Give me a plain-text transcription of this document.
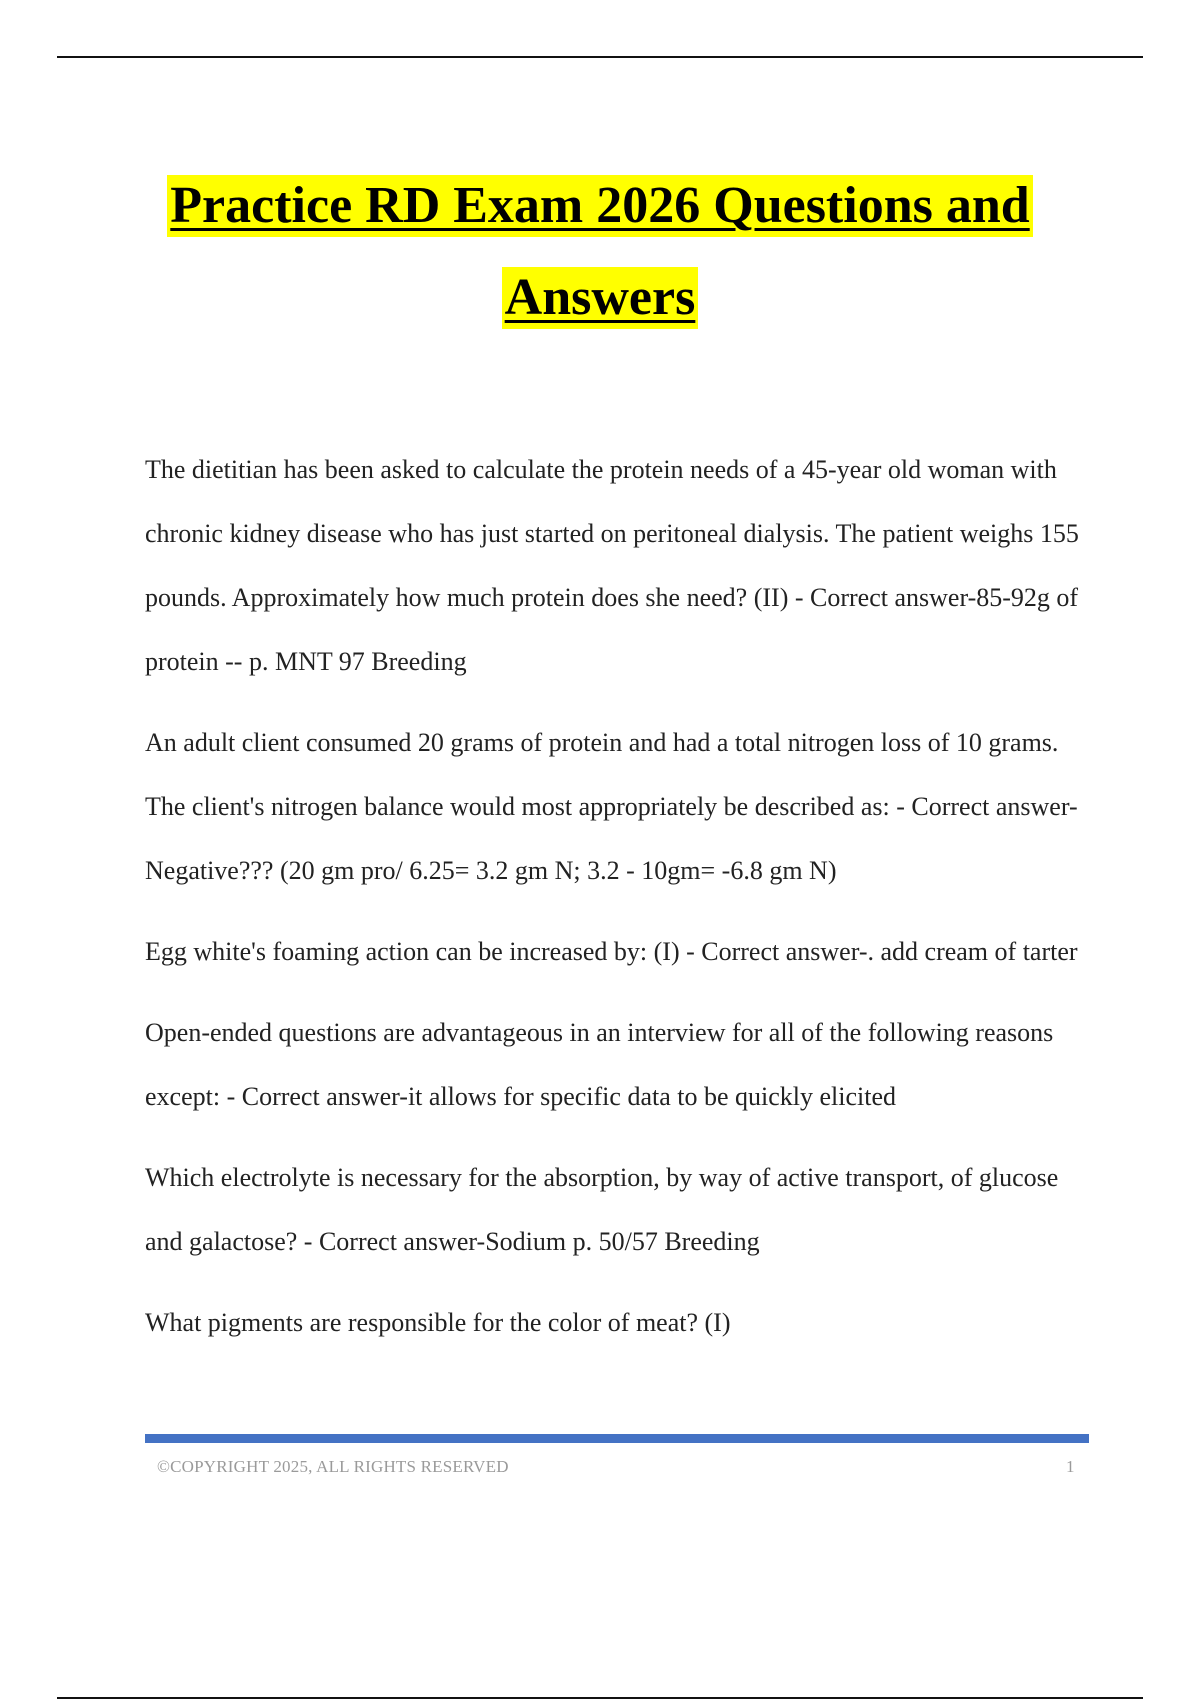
Practice RD Exam 2026 Questions and
Answers

The dietitian has been asked to calculate the protein needs of a 45-year old woman with chronic kidney disease who has just started on peritoneal dialysis. The patient weighs 155 pounds. Approximately how much protein does she need? (II) - Correct answer-85-92g of protein -- p. MNT 97 Breeding

An adult client consumed 20 grams of protein and had a total nitrogen loss of 10 grams. The client's nitrogen balance would most appropriately be described as: - Correct answer-Negative??? (20 gm pro/ 6.25= 3.2 gm N; 3.2 - 10gm= -6.8 gm N)

Egg white's foaming action can be increased by: (I) - Correct answer-. add cream of tarter

Open-ended questions are advantageous in an interview for all of the following reasons except: - Correct answer-it allows for specific data to be quickly elicited

Which electrolyte is necessary for the absorption, by way of active transport, of glucose and galactose? - Correct answer-Sodium p. 50/57 Breeding

What pigments are responsible for the color of meat? (I)

©COPYRIGHT 2025, ALL RIGHTS RESERVED	1
